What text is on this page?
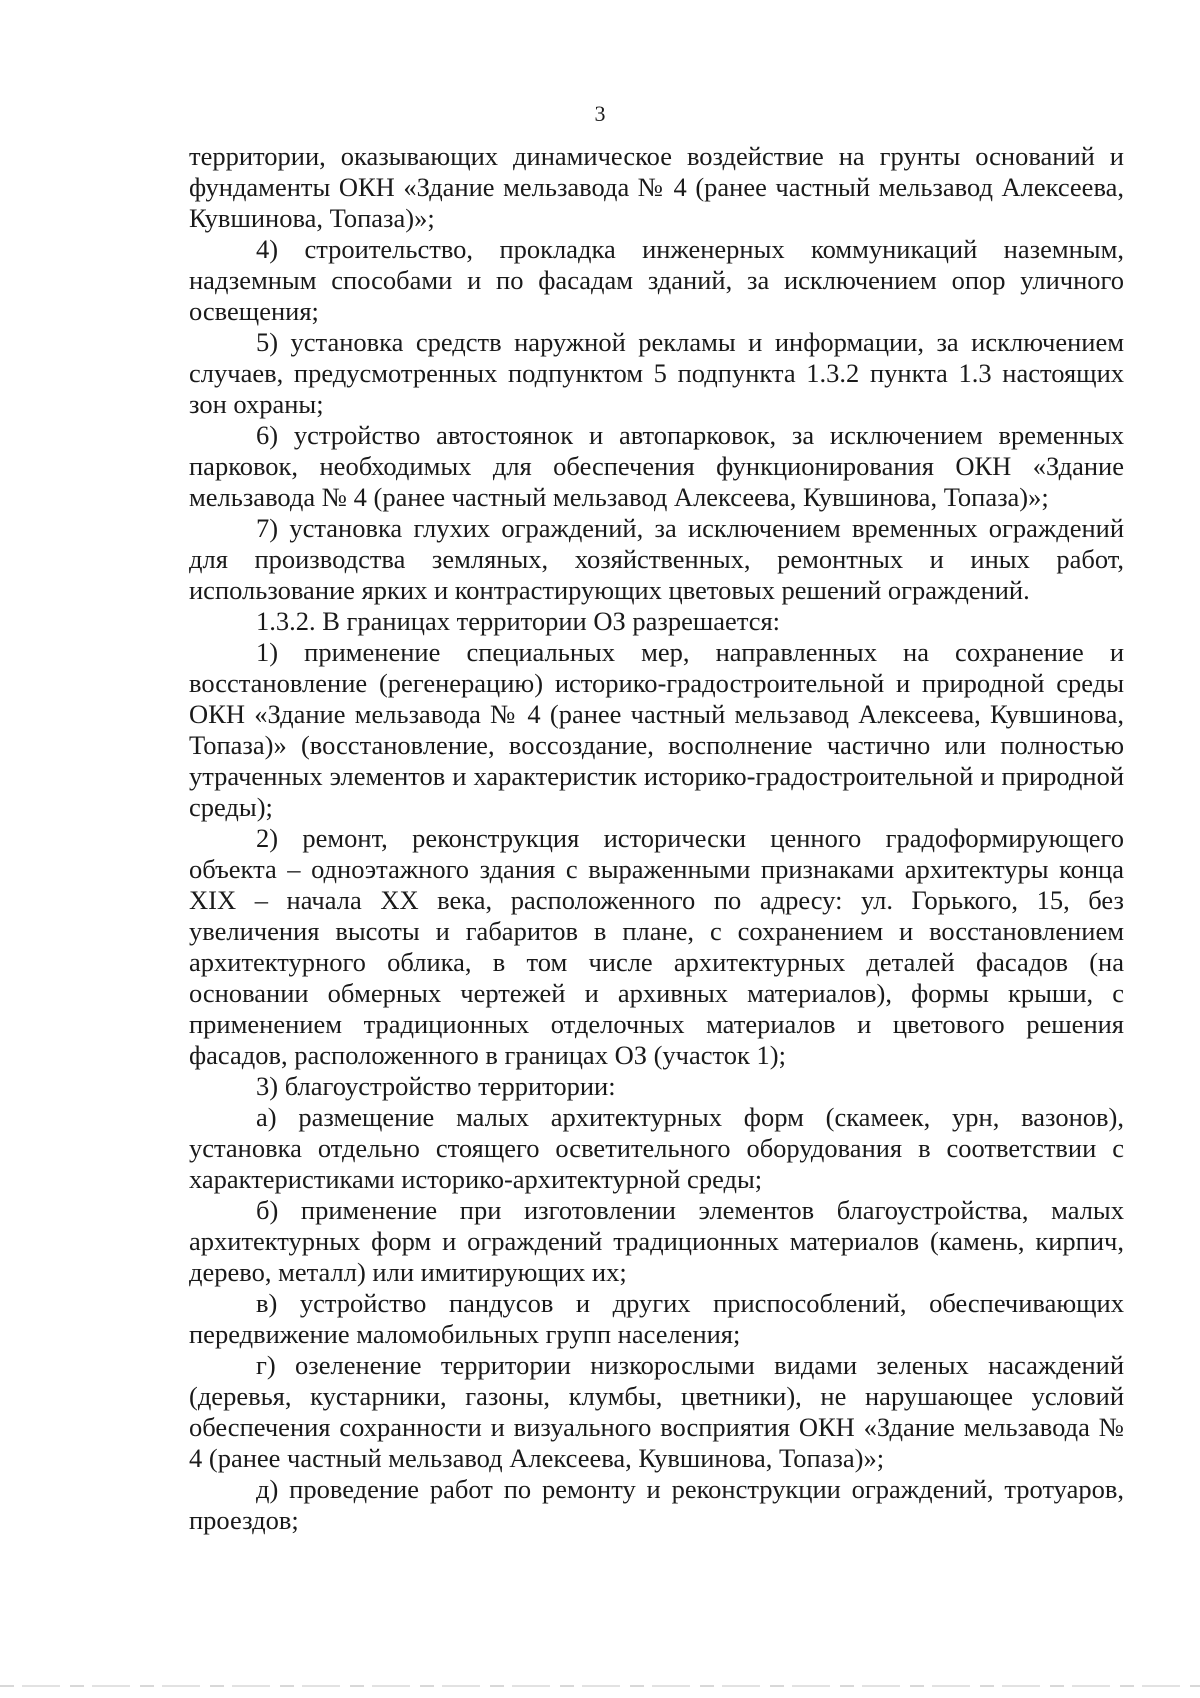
3

территории, оказывающих динамическое воздействие на грунты оснований и фундаменты ОКН «Здание мельзавода № 4 (ранее частный мельзавод Алексеева, Кувшинова, Топаза)»;

4) строительство, прокладка инженерных коммуникаций наземным, надземным способами и по фасадам зданий, за исключением опор уличного освещения;

5) установка средств наружной рекламы и информации, за исключением случаев, предусмотренных подпунктом 5 подпункта 1.3.2 пункта 1.3 настоящих зон охраны;

6) устройство автостоянок и автопарковок, за исключением временных парковок, необходимых для обеспечения функционирования ОКН «Здание мельзавода № 4 (ранее частный мельзавод Алексеева, Кувшинова, Топаза)»;

7) установка глухих ограждений, за исключением временных ограждений для производства земляных, хозяйственных, ремонтных и иных работ, использование ярких и контрастирующих цветовых решений ограждений.

1.3.2. В границах территории ОЗ разрешается:

1) применение специальных мер, направленных на сохранение и восстановление (регенерацию) историко-градостроительной и природной среды ОКН «Здание мельзавода № 4 (ранее частный мельзавод Алексеева, Кувшинова, Топаза)» (восстановление, воссоздание, восполнение частично или полностью утраченных элементов и характеристик историко-градостроительной и природной среды);

2) ремонт, реконструкция исторически ценного градоформирующего объекта – одноэтажного здания с выраженными признаками архитектуры конца XIX – начала XX века, расположенного по адресу: ул. Горького, 15, без увеличения высоты и габаритов в плане, с сохранением и восстановлением архитектурного облика, в том числе архитектурных деталей фасадов (на основании обмерных чертежей и архивных материалов), формы крыши, с применением традиционных отделочных материалов и цветового решения фасадов, расположенного в границах ОЗ (участок 1);

3) благоустройство территории:

а) размещение малых архитектурных форм (скамеек, урн, вазонов), установка отдельно стоящего осветительного оборудования в соответствии с характеристиками историко-архитектурной среды;

б) применение при изготовлении элементов благоустройства, малых архитектурных форм и ограждений традиционных материалов (камень, кирпич, дерево, металл) или имитирующих их;

в) устройство пандусов и других приспособлений, обеспечивающих передвижение маломобильных групп населения;

г) озеленение территории низкорослыми видами зеленых насаждений (деревья, кустарники, газоны, клумбы, цветники), не нарушающее условий обеспечения сохранности и визуального восприятия ОКН «Здание мельзавода № 4 (ранее частный мельзавод Алексеева, Кувшинова, Топаза)»;

д) проведение работ по ремонту и реконструкции ограждений, тротуаров, проездов;
